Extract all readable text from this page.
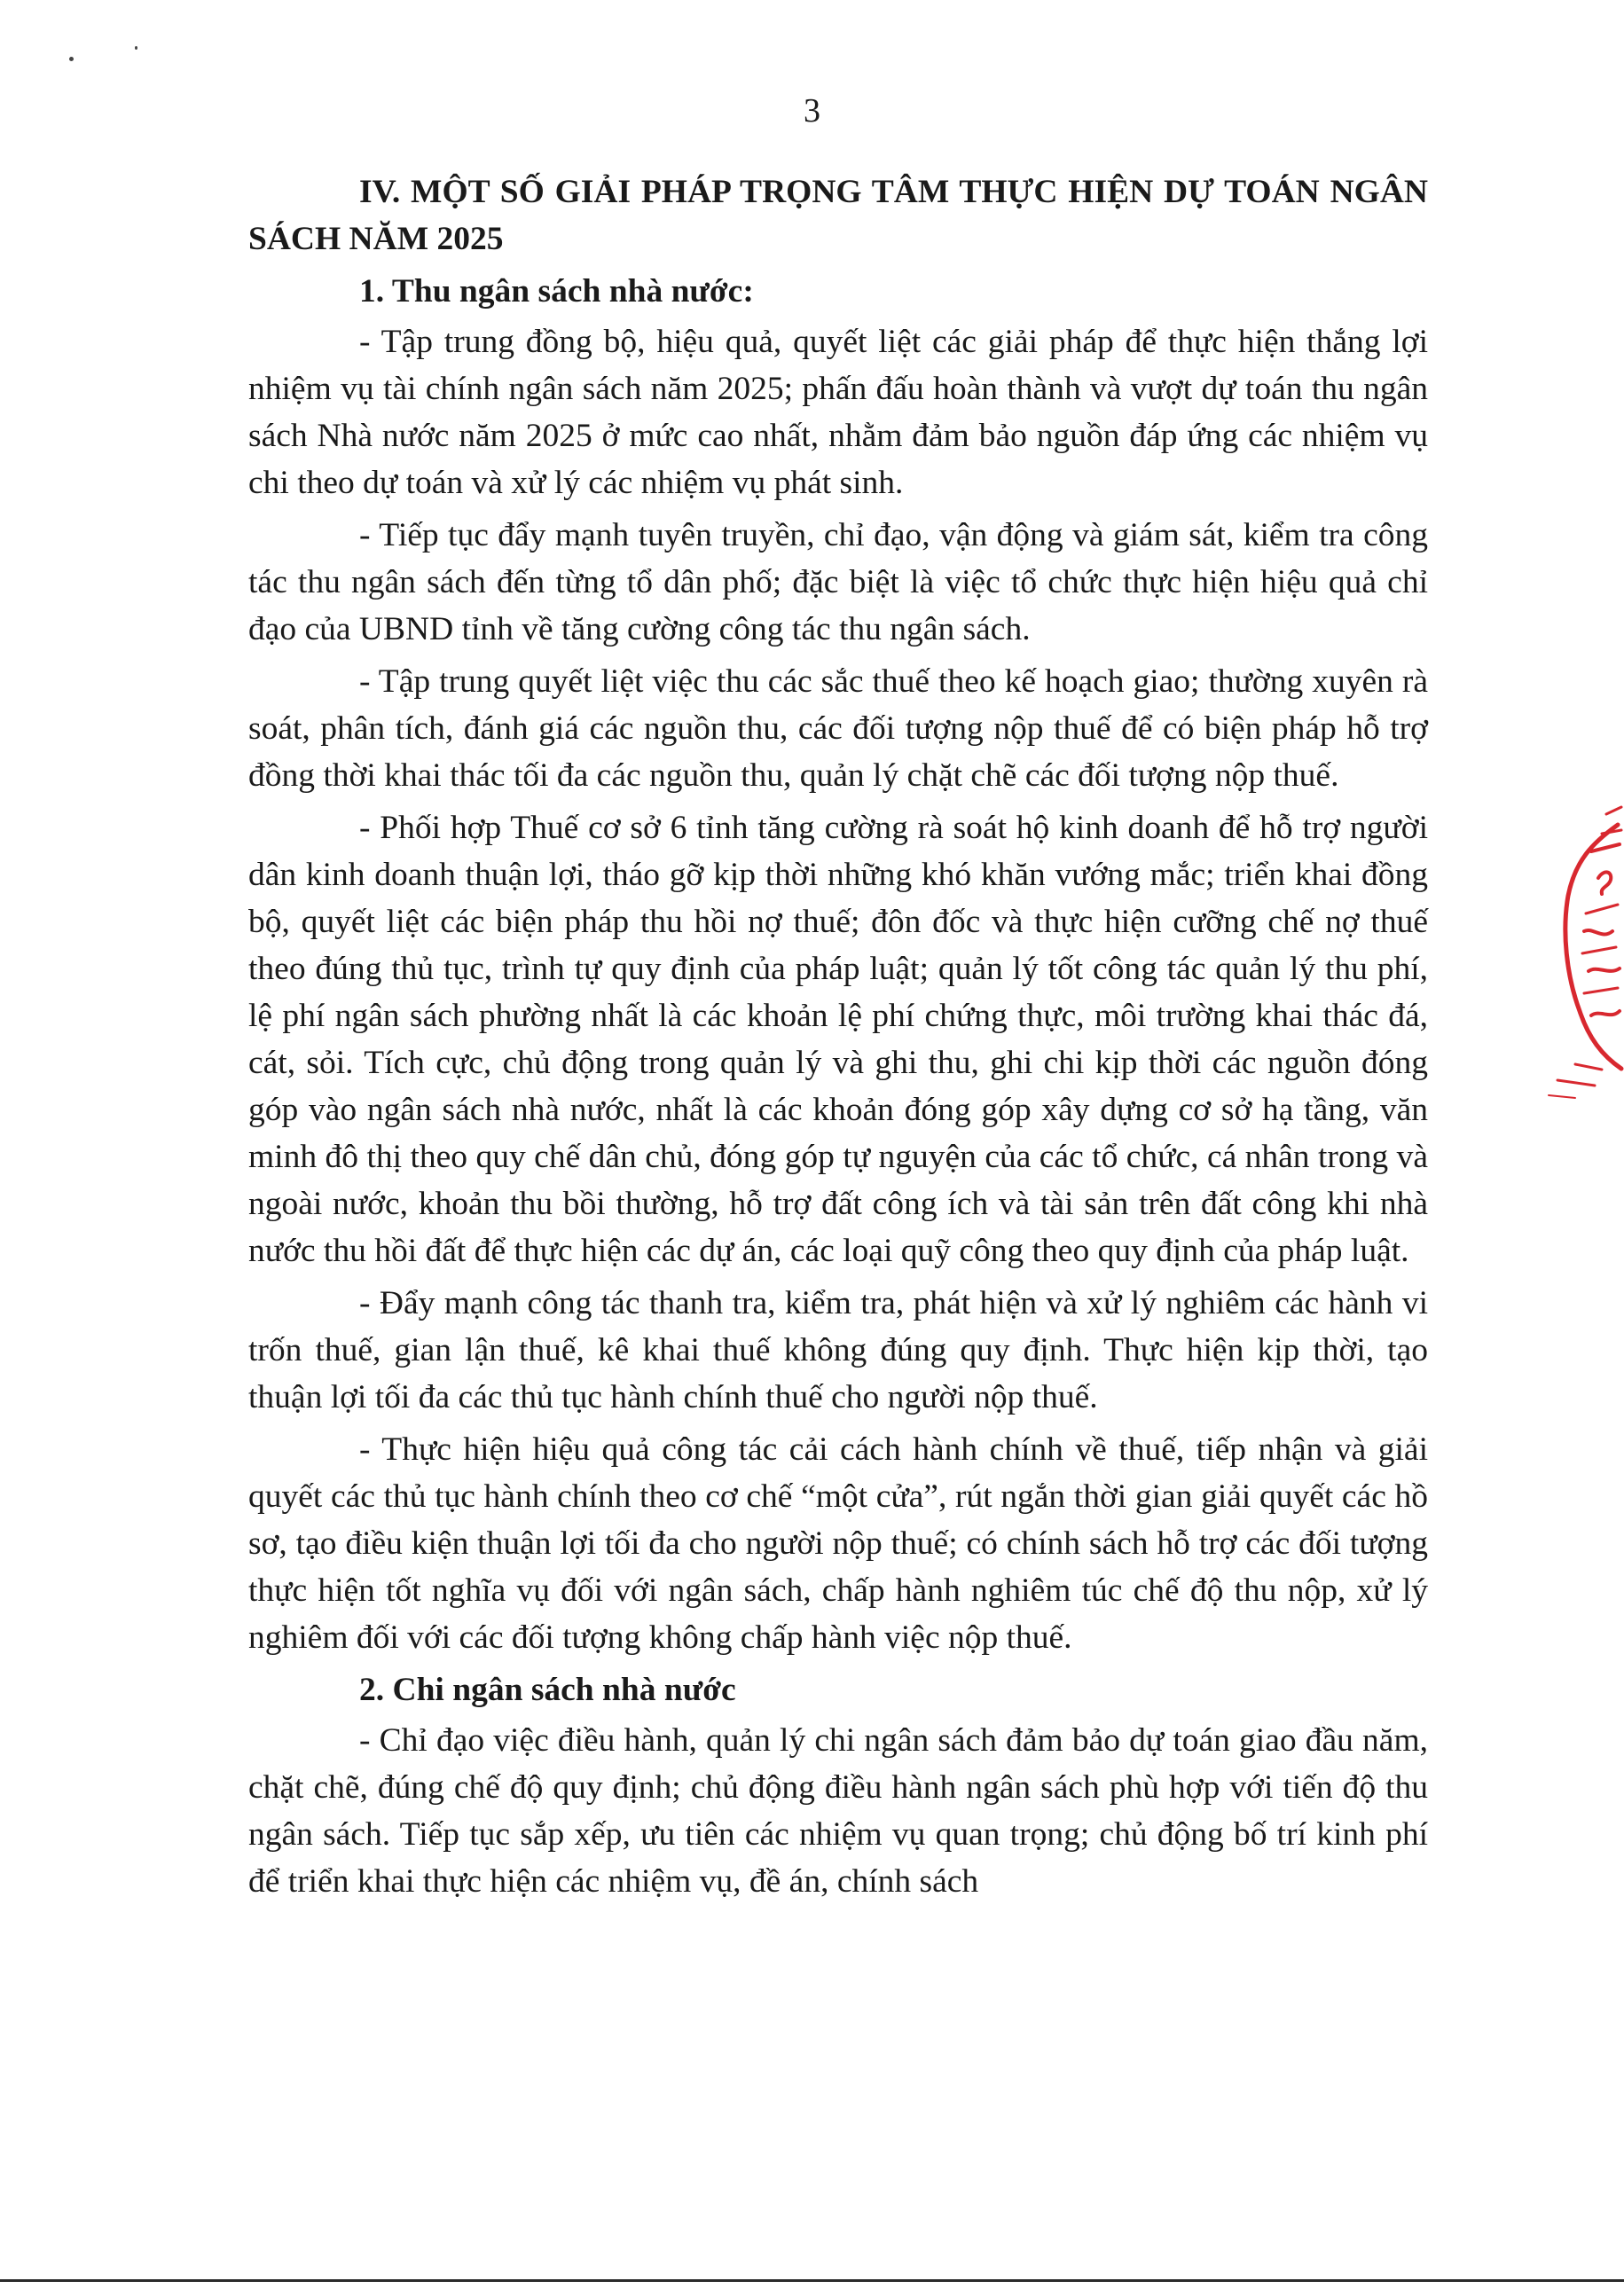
3
IV. MỘT SỐ GIẢI PHÁP TRỌNG TÂM THỰC HIỆN DỰ TOÁN NGÂN SÁCH NĂM 2025
1. Thu ngân sách nhà nước:

- Tập trung đồng bộ, hiệu quả, quyết liệt các giải pháp để thực hiện thắng lợi nhiệm vụ tài chính ngân sách năm 2025; phấn đấu hoàn thành và vượt dự toán thu ngân sách Nhà nước năm 2025 ở mức cao nhất, nhằm đảm bảo nguồn đáp ứng các nhiệm vụ chi theo dự toán và xử lý các nhiệm vụ phát sinh.

- Tiếp tục đẩy mạnh tuyên truyền, chỉ đạo, vận động và giám sát, kiểm tra công tác thu ngân sách đến từng tổ dân phố; đặc biệt là việc tổ chức thực hiện hiệu quả chỉ đạo của UBND tỉnh về tăng cường công tác thu ngân sách.

- Tập trung quyết liệt việc thu các sắc thuế theo kế hoạch giao; thường xuyên rà soát, phân tích, đánh giá các nguồn thu, các đối tượng nộp thuế để có biện pháp hỗ trợ đồng thời khai thác tối đa các nguồn thu, quản lý chặt chẽ các đối tượng nộp thuế.

- Phối hợp Thuế cơ sở 6 tỉnh tăng cường rà soát hộ kinh doanh để hỗ trợ người dân kinh doanh thuận lợi, tháo gỡ kịp thời những khó khăn vướng mắc; triển khai đồng bộ, quyết liệt các biện pháp thu hồi nợ thuế; đôn đốc và thực hiện cưỡng chế nợ thuế theo đúng thủ tục, trình tự quy định của pháp luật; quản lý tốt công tác quản lý thu phí, lệ phí ngân sách phường nhất là các khoản lệ phí chứng thực, môi trường khai thác đá, cát, sỏi. Tích cực, chủ động trong quản lý và ghi thu, ghi chi kịp thời các nguồn đóng góp vào ngân sách nhà nước, nhất là các khoản đóng góp xây dựng cơ sở hạ tầng, văn minh đô thị theo quy chế dân chủ, đóng góp tự nguyện của các tổ chức, cá nhân trong và ngoài nước, khoản thu bồi thường, hỗ trợ đất công ích và tài sản trên đất công khi nhà nước thu hồi đất để thực hiện các dự án, các loại quỹ công theo quy định của pháp luật.

- Đẩy mạnh công tác thanh tra, kiểm tra, phát hiện và xử lý nghiêm các hành vi trốn thuế, gian lận thuế, kê khai thuế không đúng quy định. Thực hiện kịp thời, tạo thuận lợi tối đa các thủ tục hành chính thuế cho người nộp thuế.

- Thực hiện hiệu quả công tác cải cách hành chính về thuế, tiếp nhận và giải quyết các thủ tục hành chính theo cơ chế “một cửa”, rút ngắn thời gian giải quyết các hồ sơ, tạo điều kiện thuận lợi tối đa cho người nộp thuế; có chính sách hỗ trợ các đối tượng thực hiện tốt nghĩa vụ đối với ngân sách, chấp hành nghiêm túc chế độ thu nộp, xử lý nghiêm đối với các đối tượng không chấp hành việc nộp thuế.

2. Chi ngân sách nhà nước

- Chỉ đạo việc điều hành, quản lý chi ngân sách đảm bảo dự toán giao đầu năm, chặt chẽ, đúng chế độ quy định; chủ động điều hành ngân sách phù hợp với tiến độ thu ngân sách. Tiếp tục sắp xếp, ưu tiên các nhiệm vụ quan trọng; chủ động bố trí kinh phí để triển khai thực hiện các nhiệm vụ, đề án, chính sách
